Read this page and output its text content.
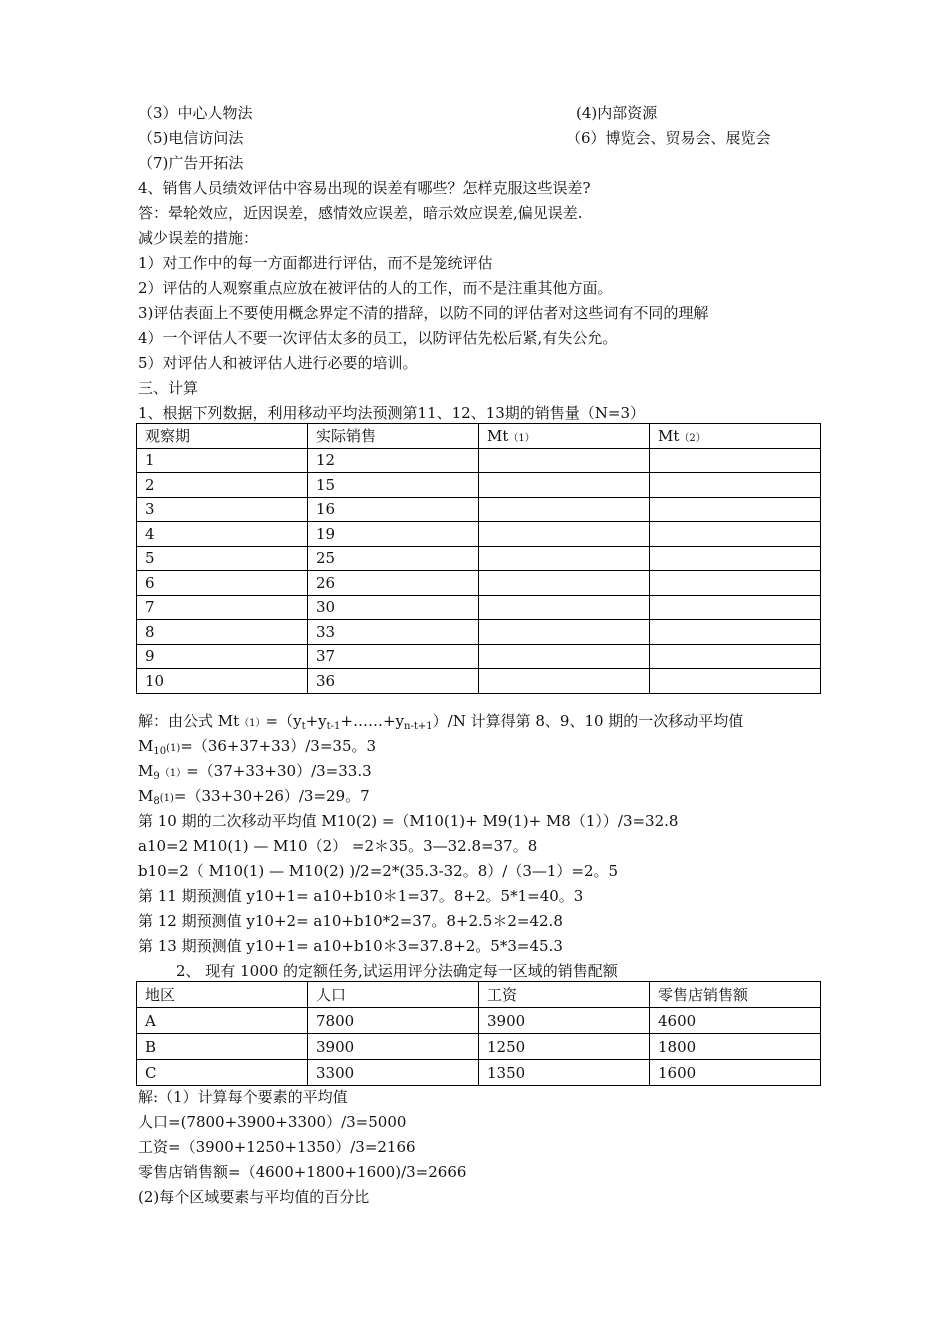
（3）中心人物法	(4)内部资源
（5)电信访问法	（6）博览会、贸易会、展览会
（7)广告开拓法
4、销售人员绩效评估中容易出现的误差有哪些？怎样克服这些误差?
答：晕轮效应，近因误差，感情效应误差，暗示效应误差,偏见误差.
减少误差的措施：
1）对工作中的每一方面都进行评估，而不是笼统评估
2）评估的人观察重点应放在被评估的人的工作，而不是注重其他方面。
3)评估表面上不要使用概念界定不清的措辞，以防不同的评估者对这些词有不同的理解
4）一个评估人不要一次评估太多的员工，以防评估先松后紧,有失公允。
5）对评估人和被评估人进行必要的培训。
三、计算
1、根据下列数据，利用移动平均法预测第11、12、13期的销售量（N=3）
观察期	实际销售	Mt（1）	Mt（2）
1	12		
2	15		
3	16		
4	19		
5	25		
6	26		
7	30		
8	33		
9	37		
10	36		
解：由公式 $Mt(1)=(y_t+y_{t-1}+\dots\dots+y_{n-t+1})/N$ 计算得第 8、9、10 期的一次移动平均值
$M_{10}(1)=(36+37+33)/3=35$。3
$M_9(1)=(37+33+30)/3=33.3$
$M_8(1)=(33+30+26)/3=29$。7
第 10 期的二次移动平均值 M10(2) =（M10(1)+ M9(1)+ M8（1））/3=32.8
a10=2 M10(1) — M10（2） =2＊35。3—32.8=37。8
b10=2（ M10(1) — M10(2) )/2=2*(35.3-32。8）/（3—1）=2。5
第 11 期预测值 y10+1= a10+b10＊1=37。8+2。5*1=40。3
第 12 期预测值 y10+2= a10+b10*2=37。8+2.5＊2=42.8
第 13 期预测值 y10+1= a10+b10＊3=37.8+2。5*3=45.3
2、 现有 1000 的定额任务,试运用评分法确定每一区域的销售配额
地区	人口	工资	零售店销售额
A	7800	3900	4600
B	3900	1250	1800
C	3300	1350	1600
解:（1）计算每个要素的平均值
人口=(7800+3900+3300）/3=5000
工资=（3900+1250+1350）/3=2166
零售店销售额=（4600+1800+1600)/3=2666
(2)每个区域要素与平均值的百分比
